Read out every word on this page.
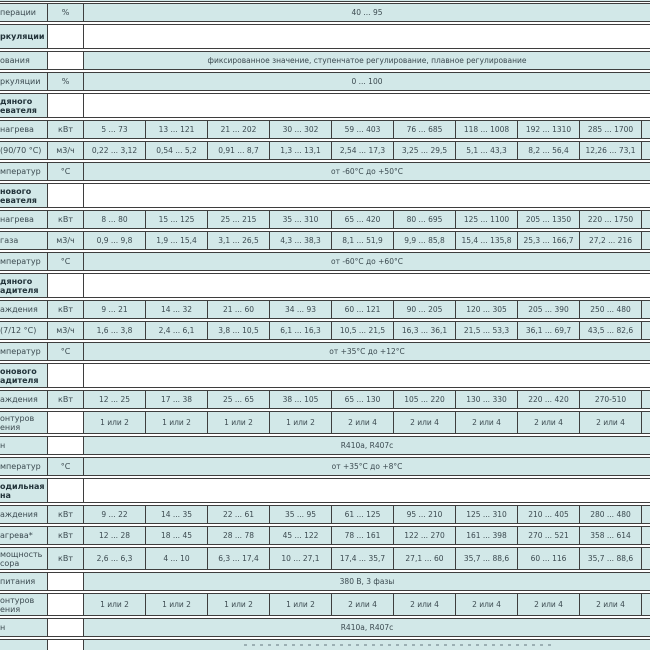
перации	%	40 ... 95
ркуляции
ования	фиксированное значение, ступенчатое регулирование, плавное регулирование
ркуляции	%	0 ... 100
дяного
евателя
нагрева	кВт	5 ... 73	13 ... 121	21 ... 202	30 ... 302	59 ... 403	76 ... 685	118 ... 1008	192 ... 1310	285 ... 1700
(90/70 °С)	м3/ч	0,22 ... 3,12	0,54 ... 5,2	0,91 ... 8,7	1,3 ... 13,1	2,54 ... 17,3	3,25 ... 29,5	5,1 ... 43,3	8,2 ... 56,4	12,26 ... 73,1
мператур	°С	от -60°С до +50°С
нового
евателя
нагрева	кВт	8 ... 80	15 ... 125	25 ... 215	35 ... 310	65 ... 420	80 ... 695	125 ... 1100	205 ... 1350	220 ... 1750
газа	м3/ч	0,9 ... 9,8	1,9 ... 15,4	3,1 ... 26,5	4,3 ... 38,3	8,1 ... 51,9	9,9 ... 85,8	15,4 ... 135,8	25,3 ... 166,7	27,2 ... 216
мператур	°С	от -60°С до +60°С
дяного
адителя
аждения	кВт	9 ... 21	14 ... 32	21 ... 60	34 ... 93	60 ... 121	90 ... 205	120 ... 305	205 ... 390	250 ... 480
(7/12 °С)	м3/ч	1,6 ... 3,8	2,4 ... 6,1	3,8 ... 10,5	6,1 ... 16,3	10,5 ... 21,5	16,3 ... 36,1	21,5 ... 53,3	36,1 ... 69,7	43,5 ... 82,6
мператур	°С	от +35°С до +12°С
онового
адителя
аждения	кВт	12 ... 25	17 ... 38	25 ... 65	38 ... 105	65 ... 130	105 ... 220	130 ... 330	220 ... 420	270-510
онтуров
ения	1 или 2	1 или 2	1 или 2	1 или 2	2 или 4	2 или 4	2 или 4	2 или 4	2 или 4
н	R410a, R407c
мператур	°С	от +35°С до +8°С
одильная
на
аждения	кВт	9 ... 22	14 ... 35	22 ... 61	35 ... 95	61 ... 125	95 ... 210	125 ... 310	210 ... 405	280 ... 480
агрева*	кВт	12 ... 28	18 ... 45	28 ... 78	45 ... 122	78 ... 161	122 ... 270	161 ... 398	270 ... 521	358 ... 614
мощность
сора	кВт	2,6 ... 6,3	4 ... 10	6,3 ... 17,4	10 ... 27,1	17,4 ... 35,7	27,1 ... 60	35,7 ... 88,6	60 ... 116	35,7 ... 88,6
питания	380 В, 3 фазы
онтуров
ения	1 или 2	1 или 2	1 или 2	1 или 2	2 или 4	2 или 4	2 или 4	2 или 4	2 или 4
н	R410a, R407c
